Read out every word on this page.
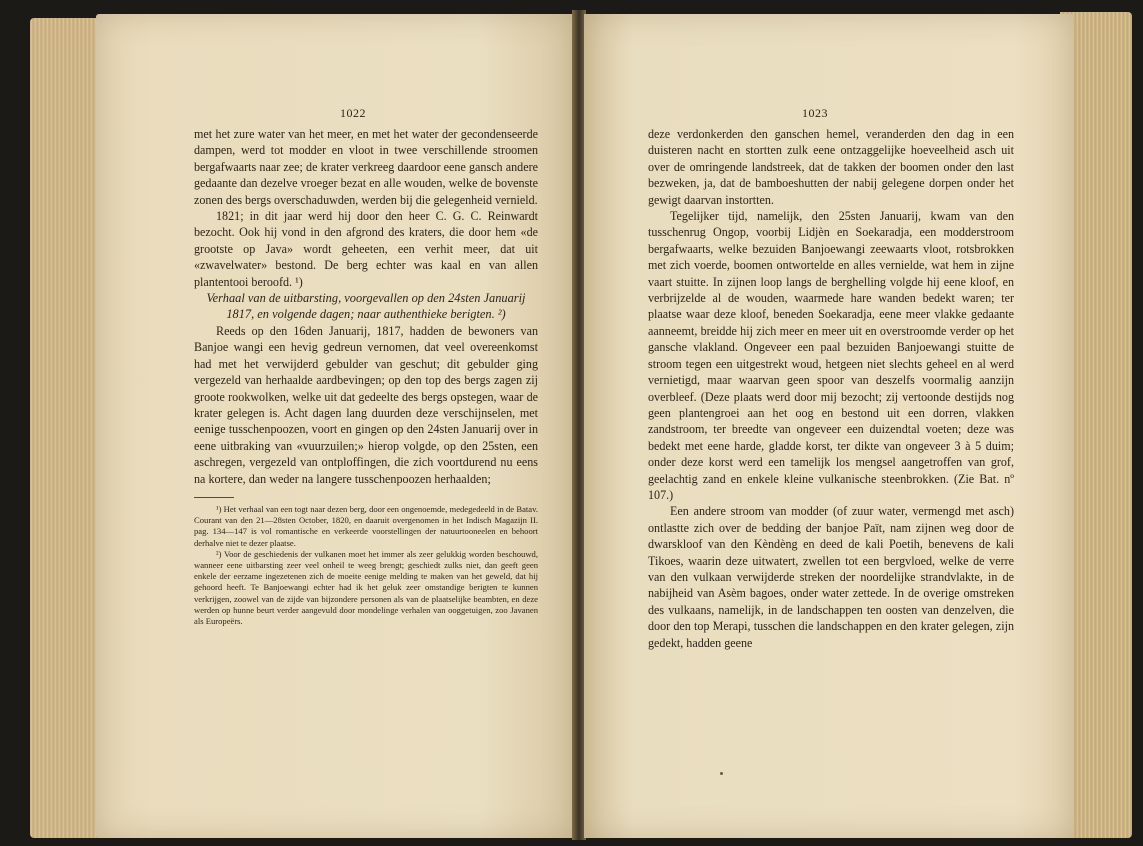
1022

met het zure water van het meer, en met het water der gecondenseerde dampen, werd tot modder en vloot in twee verschillende stroomen bergafwaarts naar zee; de krater verkreeg daardoor eene gansch andere gedaante dan dezelve vroeger bezat en alle wouden, welke de bovenste zonen des bergs overschaduwden, werden bij die gelegenheid vernield.

1821; in dit jaar werd hij door den heer C. G. C. Reinwardt bezocht. Ook hij vond in den afgrond des kraters, die door hem «de grootste op Java» wordt geheeten, een verhit meer, dat uit «zwavelwater» bestond. De berg echter was kaal en van allen plantentooi beroofd. ¹)

Verhaal van de uitbarsting, voorgevallen op den 24sten Januarij 1817, en volgende dagen; naar authenthieke berigten. ²)

Reeds op den 16den Januarij, 1817, hadden de bewoners van Banjoe wangi een hevig gedreun vernomen, dat veel overeenkomst had met het verwijderd gebulder van geschut; dit gebulder ging vergezeld van herhaalde aardbevingen; op den top des bergs zagen zij groote rookwolken, welke uit dat gedeelte des bergs opstegen, waar de krater gelegen is. Acht dagen lang duurden deze verschijnselen, met eenige tusschenpoozen, voort en gingen op den 24sten Januarij over in eene uitbraking van «vuurzuilen;» hierop volgde, op den 25sten, een aschregen, vergezeld van ontploffingen, die zich voortdurend nu eens na kortere, dan weder na langere tusschenpoozen herhaalden;

¹) Het verhaal van een togt naar dezen berg, door een ongenoemde, medegedeeld in de Batav. Courant van den 21—28sten October, 1820, en daaruit overgenomen in het Indisch Magazijn II. pag. 134—147 is vol romantische en verkeerde voorstellingen der natuurtooneelen en behoort derhalve niet te dezer plaatse.

²) Voor de geschiedenis der vulkanen moet het immer als zeer gelukkig worden beschouwd, wanneer eene uitbarsting zeer veel onheil te weeg brengt; geschiedt zulks niet, dan geeft geen enkele der eerzame ingezetenen zich de moeite eenige melding te maken van het geweld, dat hij gehoord heeft. Te Banjoewangi echter had ik het geluk zeer omstandige berigten te kunnen verkrijgen, zoowel van de zijde van bijzondere personen als van de plaatselijke beambten, en deze werden op hunne beurt verder aangevuld door mondelinge verhalen van ooggetuigen, zoo Javanen als Europeërs.

1023

deze verdonkerden den ganschen hemel, veranderden den dag in een duisteren nacht en stortten zulk eene ontzaggelijke hoeveelheid asch uit over de omringende landstreek, dat de takken der boomen onder den last bezweken, ja, dat de bamboeshutten der nabij gelegene dorpen onder het gewigt daarvan instortten.

Tegelijker tijd, namelijk, den 25sten Januarij, kwam van den tusschenrug Ongop, voorbij Lidjèn en Soekaradja, een modderstroom bergafwaarts, welke bezuiden Banjoewangi zeewaarts vloot, rotsbrokken met zich voerde, boomen ontwortelde en alles vernielde, wat hem in zijne vaart stuitte. In zijnen loop langs de berghelling volgde hij eene kloof, en verbrijzelde al de wouden, waarmede hare wanden bedekt waren; ter plaatse waar deze kloof, beneden Soekaradja, eene meer vlakke gedaante aanneemt, breidde hij zich meer en meer uit en overstroomde verder op het gansche vlakland. Ongeveer een paal bezuiden Banjoewangi stuitte de stroom tegen een uitgestrekt woud, hetgeen niet slechts geheel en al werd vernietigd, maar waarvan geen spoor van deszelfs voormalig aanzijn overbleef. (Deze plaats werd door mij bezocht; zij vertoonde destijds nog geen plantengroei aan het oog en bestond uit een dorren, vlakken zandstroom, ter breedte van ongeveer een duizendtal voeten; deze was bedekt met eene harde, gladde korst, ter dikte van ongeveer 3 à 5 duim; onder deze korst werd een tamelijk los mengsel aangetroffen van grof, geelachtig zand en enkele kleine vulkanische steenbrokken. (Zie Bat. nº 107.)

Een andere stroom van modder (of zuur water, vermengd met asch) ontlastte zich over de bedding der banjoe Paït, nam zijnen weg door de dwarskloof van den Kèndèng en deed de kali Poetih, benevens de kali Tikoes, waarin deze uitwatert, zwellen tot een bergvloed, welke de verre van den vulkaan verwijderde streken der noordelijke strandvlakte, in de nabijheid van Asèm bagoes, onder water zettede. In de overige omstreken des vulkaans, namelijk, in de landschappen ten oosten van denzelven, die door den top Merapi, tusschen die landschappen en den krater gelegen, zijn gedekt, hadden geene
